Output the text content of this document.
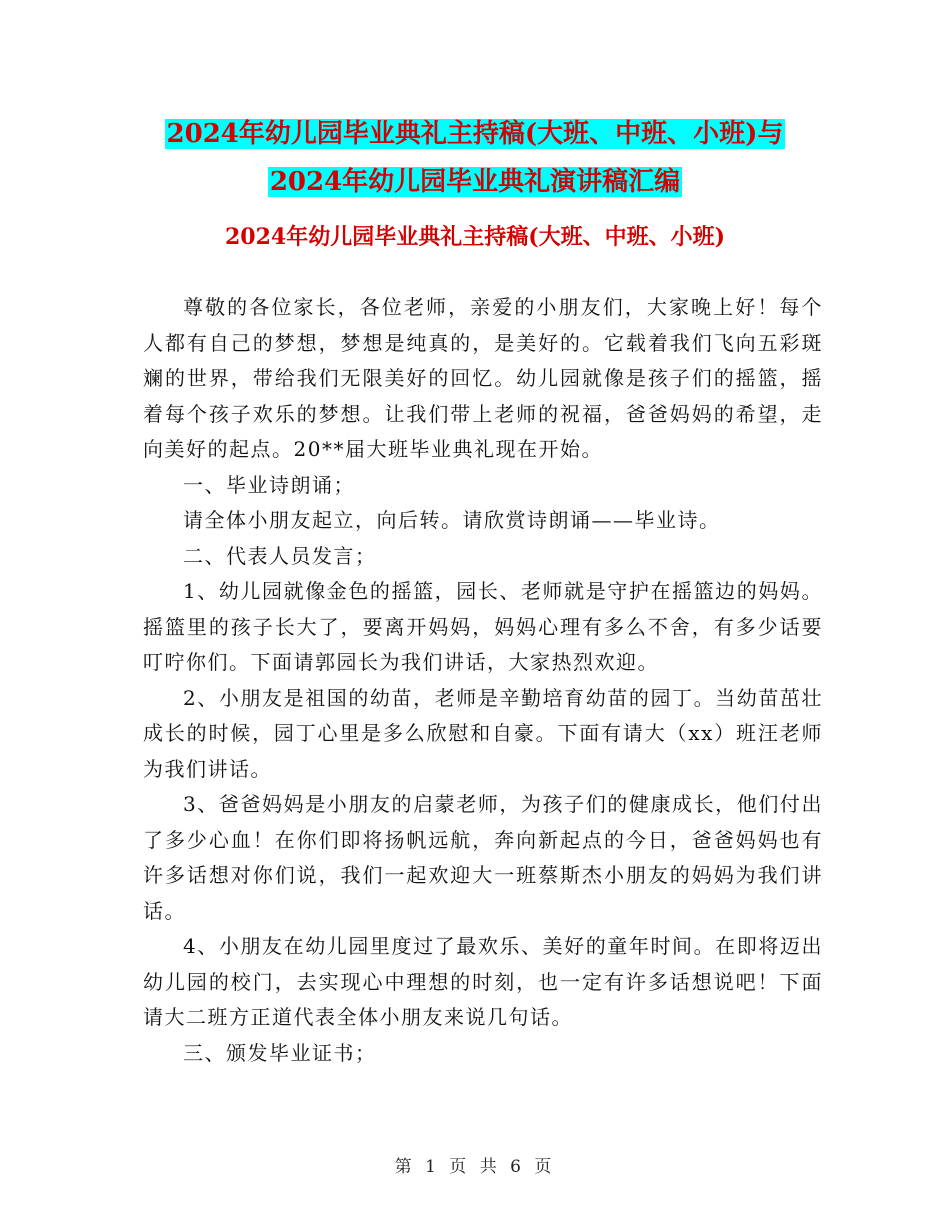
2024年幼儿园毕业典礼主持稿(大班、中班、小班)与
2024年幼儿园毕业典礼演讲稿汇编
2024年幼儿园毕业典礼主持稿(大班、中班、小班)

尊敬的各位家长，各位老师，亲爱的小朋友们，大家晚上好！每个人都有自己的梦想，梦想是纯真的，是美好的。它载着我们飞向五彩斑斓的世界，带给我们无限美好的回忆。幼儿园就像是孩子们的摇篮，摇着每个孩子欢乐的梦想。让我们带上老师的祝福，爸爸妈妈的希望，走向美好的起点。20**届大班毕业典礼现在开始。

一、毕业诗朗诵；

请全体小朋友起立，向后转。请欣赏诗朗诵——毕业诗。

二、代表人员发言；

1、幼儿园就像金色的摇篮，园长、老师就是守护在摇篮边的妈妈。摇篮里的孩子长大了，要离开妈妈，妈妈心理有多么不舍，有多少话要叮咛你们。下面请郭园长为我们讲话，大家热烈欢迎。

2、小朋友是祖国的幼苗，老师是辛勤培育幼苗的园丁。当幼苗茁壮成长的时候，园丁心里是多么欣慰和自豪。下面有请大（xx）班汪老师为我们讲话。

3、爸爸妈妈是小朋友的启蒙老师，为孩子们的健康成长，他们付出了多少心血！在你们即将扬帆远航，奔向新起点的今日，爸爸妈妈也有许多话想对你们说，我们一起欢迎大一班蔡斯杰小朋友的妈妈为我们讲话。

4、小朋友在幼儿园里度过了最欢乐、美好的童年时间。在即将迈出幼儿园的校门，去实现心中理想的时刻，也一定有许多话想说吧！下面请大二班方正道代表全体小朋友来说几句话。

三、颁发毕业证书；

第 1 页 共 6 页
